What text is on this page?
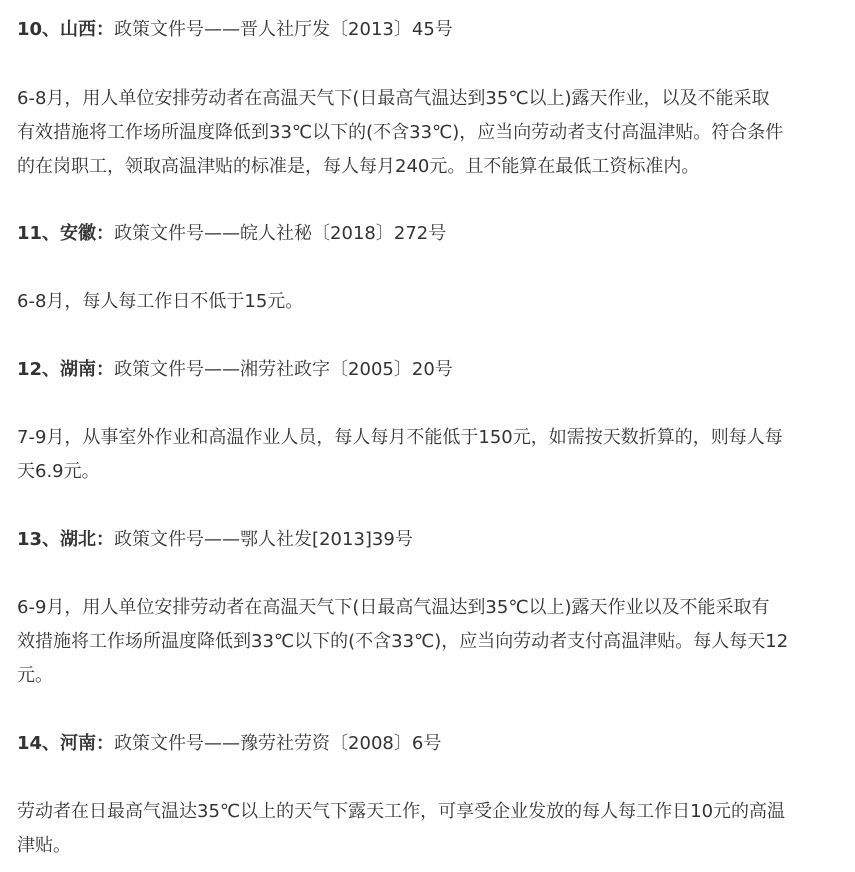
10、山西：政策文件号——晋人社厅发〔2013〕45号
6-8月，用人单位安排劳动者在高温天气下(日最高气温达到35℃以上)露天作业，以及不能采取
有效措施将工作场所温度降低到33℃以下的(不含33℃)，应当向劳动者支付高温津贴。符合条件
的在岗职工，领取高温津贴的标准是，每人每月240元。且不能算在最低工资标准内。
11、安徽：政策文件号——皖人社秘〔2018〕272号
6-8月，每人每工作日不低于15元。
12、湖南：政策文件号——湘劳社政字〔2005〕20号
7-9月，从事室外作业和高温作业人员，每人每月不能低于150元，如需按天数折算的，则每人每
天6.9元。
13、湖北：政策文件号——鄂人社发[2013]39号
6-9月，用人单位安排劳动者在高温天气下(日最高气温达到35℃以上)露天作业以及不能采取有
效措施将工作场所温度降低到33℃以下的(不含33℃)，应当向劳动者支付高温津贴。每人每天12
元。
14、河南：政策文件号——豫劳社劳资〔2008〕6号
劳动者在日最高气温达35℃以上的天气下露天工作，可享受企业发放的每人每工作日10元的高温
津贴。
